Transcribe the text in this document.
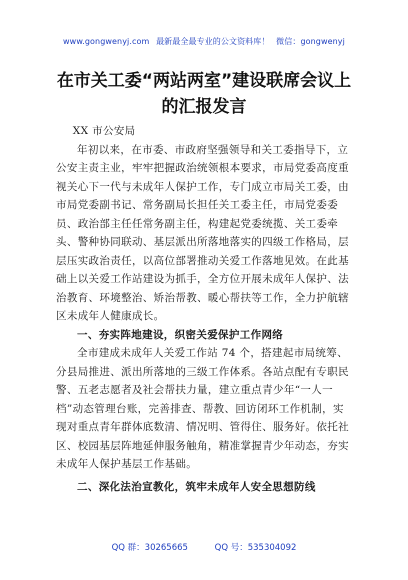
www.gongwenyj.com 最新最全最专业的公文资料库！ 微信：gongwenyj
在市关工委“两站两室”建设联席会议上
的汇报发言

XX 市公安局

年初以来，在市委、市政府坚强领导和关工委指导下，立公安主责主业，牢牢把握政治统领根本要求，市局党委高度重视关心下一代与未成年人保护工作，专门成立市局关工委，由市局党委副书记、常务副局长担任关工委主任，市局党委委员、政治部主任任常务副主任，构建起党委统揽、关工委牵头、警种协同联动、基层派出所落地落实的四级工作格局，层层压实政治责任，以高位部署推动关爱工作落地见效。在此基础上以关爱工作站建设为抓手，全方位开展未成年人保护、法治教育、环境整治、矫治帮教、暖心帮扶等工作，全力护航辖区未成年人健康成长。

一、夯实阵地建设，织密关爱保护工作网络

全市建成未成年人关爱工作站 74 个，搭建起市局统筹、分县局推进、派出所落地的三级工作体系。各站点配有专职民警、五老志愿者及社会帮扶力量，建立重点青少年“一人一档”动态管理台账，完善排查、帮教、回访闭环工作机制，实现对重点青年群体底数清、情况明、管得住、服务好。依托社区、校园基层阵地延伸服务触角，精准掌握青少年动态，夯实未成年人保护基层工作基础。

二、深化法治宣教化，筑牢未成年人安全思想防线
QQ 群：30265665	QQ 号：535304092
